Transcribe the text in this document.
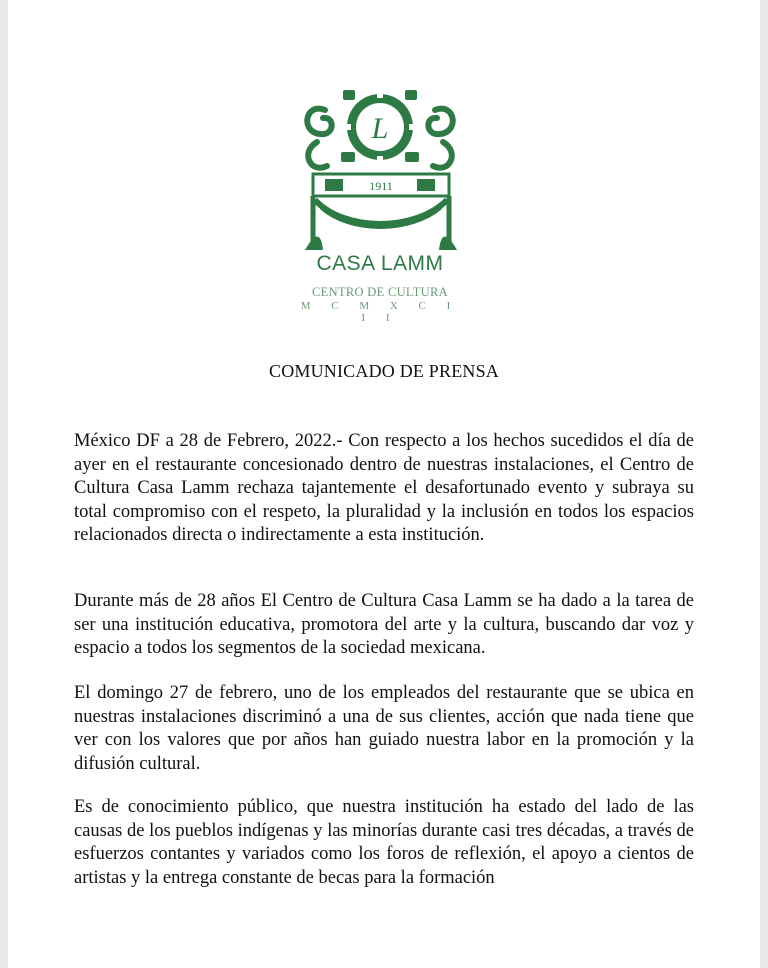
L
1911
CASA LAMM
CENTRO DE CULTURA
M C M X C I I I
COMUNICADO DE PRENSA

México DF a 28 de Febrero, 2022.- Con respecto a los hechos sucedidos el día de ayer en el restaurante concesionado dentro de nuestras instalaciones, el Centro de Cultura Casa Lamm rechaza tajantemente el desafortunado evento y subraya su total compromiso con el respeto, la pluralidad y la inclusión en todos los espacios relacionados directa o indirectamente a esta institución.

Durante más de 28 años El Centro de Cultura Casa Lamm se ha dado a la tarea de ser una institución educativa, promotora del arte y la cultura, buscando dar voz y espacio a todos los segmentos de la sociedad mexicana.

El domingo 27 de febrero, uno de los empleados del restaurante que se ubica en nuestras instalaciones discriminó a una de sus clientes, acción que nada tiene que ver con los valores que por años han guiado nuestra labor en la promoción y la difusión cultural.

Es de conocimiento público, que nuestra institución ha estado del lado de las causas de los pueblos indígenas y las minorías durante casi tres décadas, a través de esfuerzos contantes y variados como los foros de reflexión, el apoyo a cientos de artistas y la entrega constante de becas para la formación
